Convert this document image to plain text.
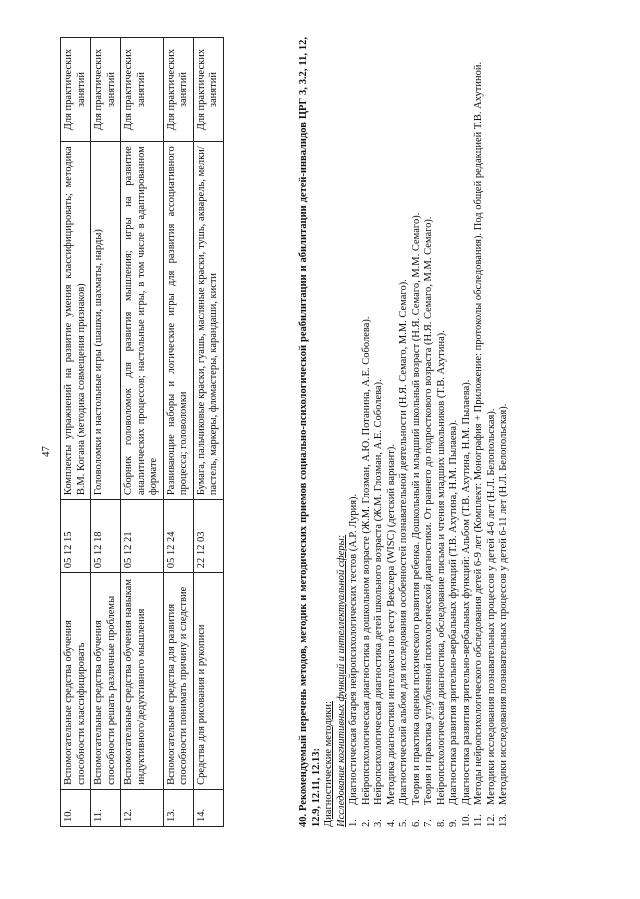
47
10.	Вспомогательные средства обучения способности классифицировать	05 12 15	Комплекты упражнений на развитие умения классифицировать; методика В.М. Когана (методика совмещения признаков)	Для практических занятий
11.	Вспомогательные средства обучения способности решать различные проблемы	05 12 18	Головоломки и настольные игры (шашки, шахматы, нарды)	Для практических занятий
12.	Вспомогательные средства обучения навыкам индуктивного/дедуктивного мышления	05 12 21	Сборник головоломок для развития мышления; игры на развитие аналитических процессов; настольные игры, в том числе в адаптированном формате	Для практических занятий
13.	Вспомогательные средства для развития способности понимать причину и следствие	05 12 24	Развивающие наборы и логические игры для развития ассоциативного процесса; головоломки	Для практических занятий
14.	Средства для рисования и рукописи	22 12 03	Бумага, пальчиковые краски, гуашь, масляные краски, тушь, акварель, мелки/пастель, маркеры, фломастеры, карандаши, кисти	Для практических занятий	40. Рекомендуемый перечень методов, методик и методических приемов социально-психологической реабилитации и абилитации детей-инвалидов ЦРГ 3, 3.2, 11, 12, 12.9, 12.11, 12.13: Диагностические методики: Исследование когнитивных функций и интеллектуальной сферы: 1.
Диагностическая батарея нейропсихологических тестов (А.Р. Лурия).
2.
Нейропсихологическая диагностика в дошкольном возрасте (Ж.М. Глозман, А.Ю. Потанина, А.Е. Соболева).
3.
Нейропсихологическая диагностика детей школьного возраста (Ж.М. Глозман, А.Е. Соболева).
4.
Методика диагностики интеллекта по тесту Векслера (WISC) (детский вариант).
5.
Диагностический альбом для исследования особенностей познавательной деятельности (Н.Я. Семаго, М.М. Семаго).
6.
Теория и практика оценки психического развития ребенка. Дошкольный и младший школьный возраст (Н.Я. Семаго, М.М. Семаго).
7.
Теория и практика углубленной психологической диагностики. От раннего до подросткового возраста (Н.Я. Семаго, М.М. Семаго).
8.
Нейропсихологическая диагностика, обследование письма и чтения младших школьников (Т.В. Ахутина).
9.
Диагностика развития зрительно-вербальных функций (Т.В. Ахутина, Н.М. Пылаева).
10.
Диагностика развития зрительно-вербальных функций: Альбом (Т.В. Ахутина, Н.М. Пылаева).
11.
Методы нейропсихологического обследования детей 6-9 лет (Комплект: Монография + Приложение: протоколы обследования). Под общей редакцией Т.В. Ахутиной.
12.
Методики исследования познавательных процессов у детей 4-6 лет (Н.Л. Белопольская).
13.
Методики исследования познавательных процессов у детей 6-11 лет (Н.Л. Белопольская).
